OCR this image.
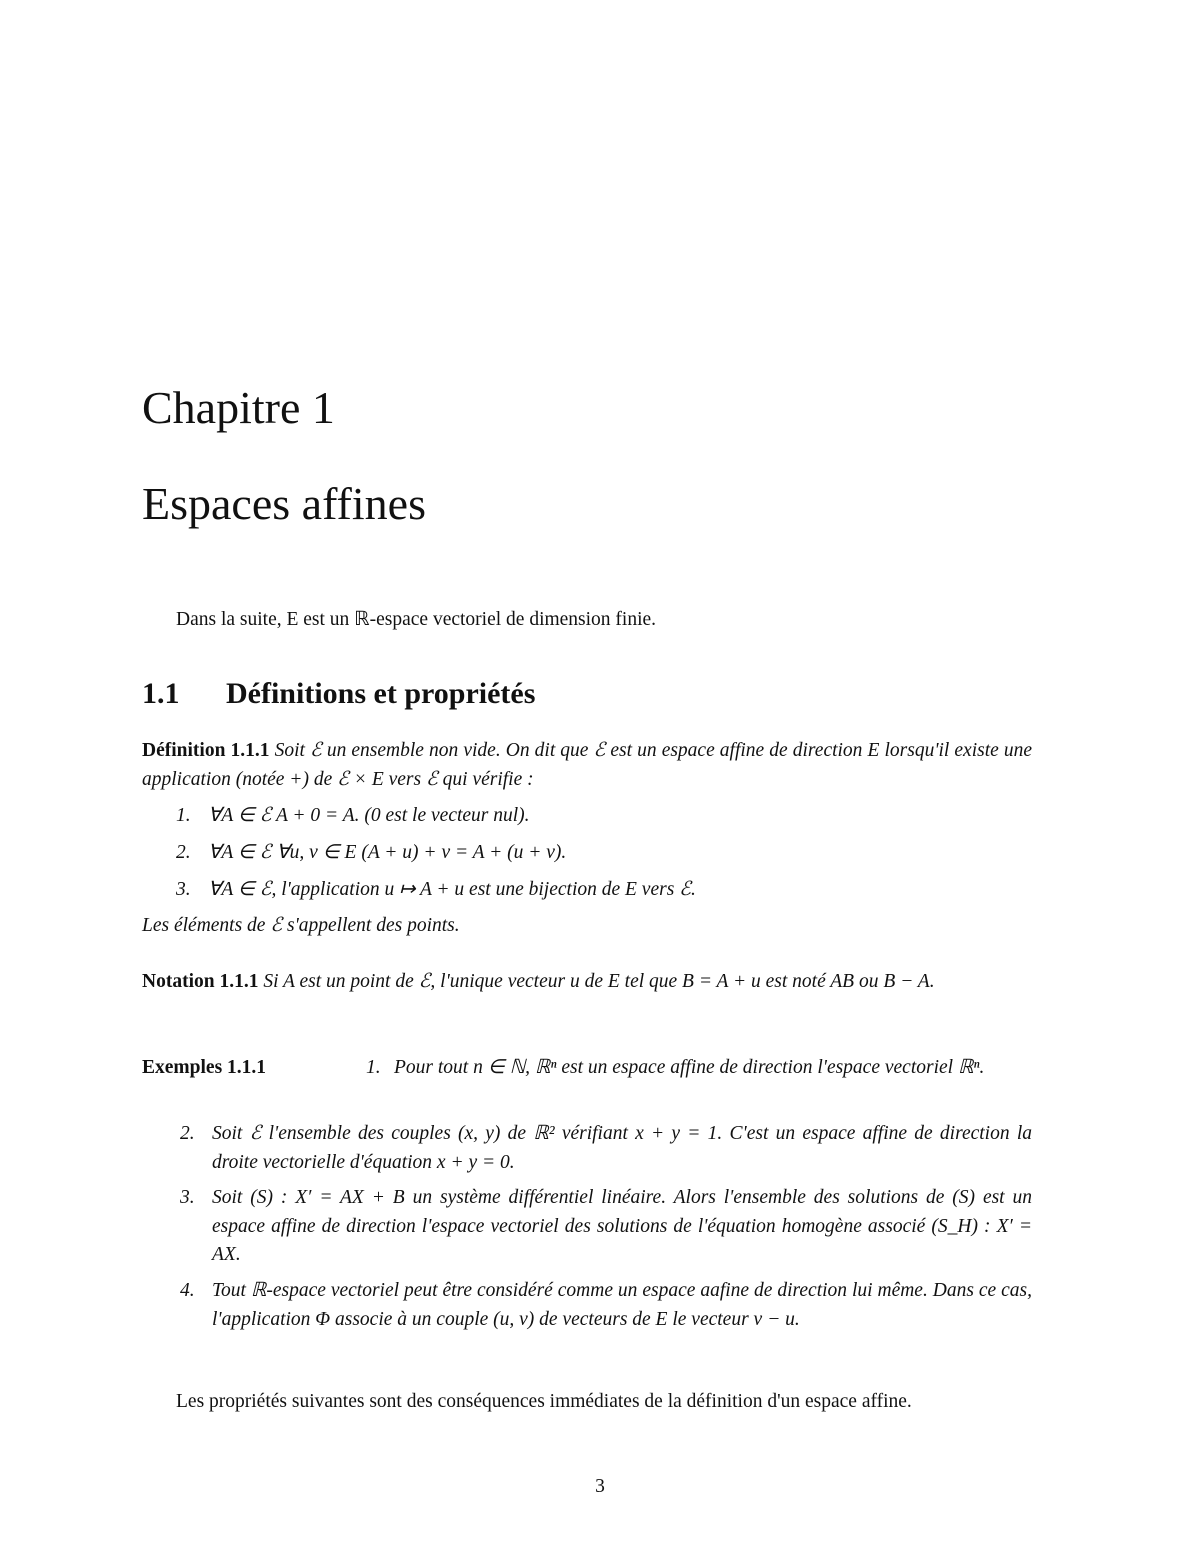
Chapitre 1
Espaces affines
Dans la suite, E est un ℝ-espace vectoriel de dimension finie.
1.1 Définitions et propriétés
Définition 1.1.1 Soit ℰ un ensemble non vide. On dit que ℰ est un espace affine de direction E lorsqu'il existe une application (notée +) de ℰ × E vers ℰ qui vérifie :
1. ∀A ∈ ℰ A + 0 = A. (0 est le vecteur nul).
2. ∀A ∈ ℰ ∀u, v ∈ E (A + u) + v = A + (u + v).
3. ∀A ∈ ℰ, l'application u ↦ A + u est une bijection de E vers ℰ.
Les éléments de ℰ s'appellent des points.
Notation 1.1.1 Si A est un point de ℰ, l'unique vecteur u de E tel que B = A + u est noté AB ou B − A.
Exemples 1.1.1	1. Pour tout n ∈ ℕ, ℝⁿ est un espace affine de direction l'espace vectoriel ℝⁿ.
2. Soit ℰ l'ensemble des couples (x, y) de ℝ² vérifiant x + y = 1. C'est un espace affine de direction la droite vectorielle d'équation x + y = 0.
3. Soit (S) : X′ = AX + B un système différentiel linéaire. Alors l'ensemble des solutions de (S) est un espace affine de direction l'espace vectoriel des solutions de l'équation homogène associé (S_H) : X′ = AX.
4. Tout ℝ-espace vectoriel peut être considéré comme un espace aafine de direction lui même. Dans ce cas, l'application Φ associe à un couple (u, v) de vecteurs de E le vecteur v − u.
Les propriétés suivantes sont des conséquences immédiates de la définition d'un espace affine.
3
